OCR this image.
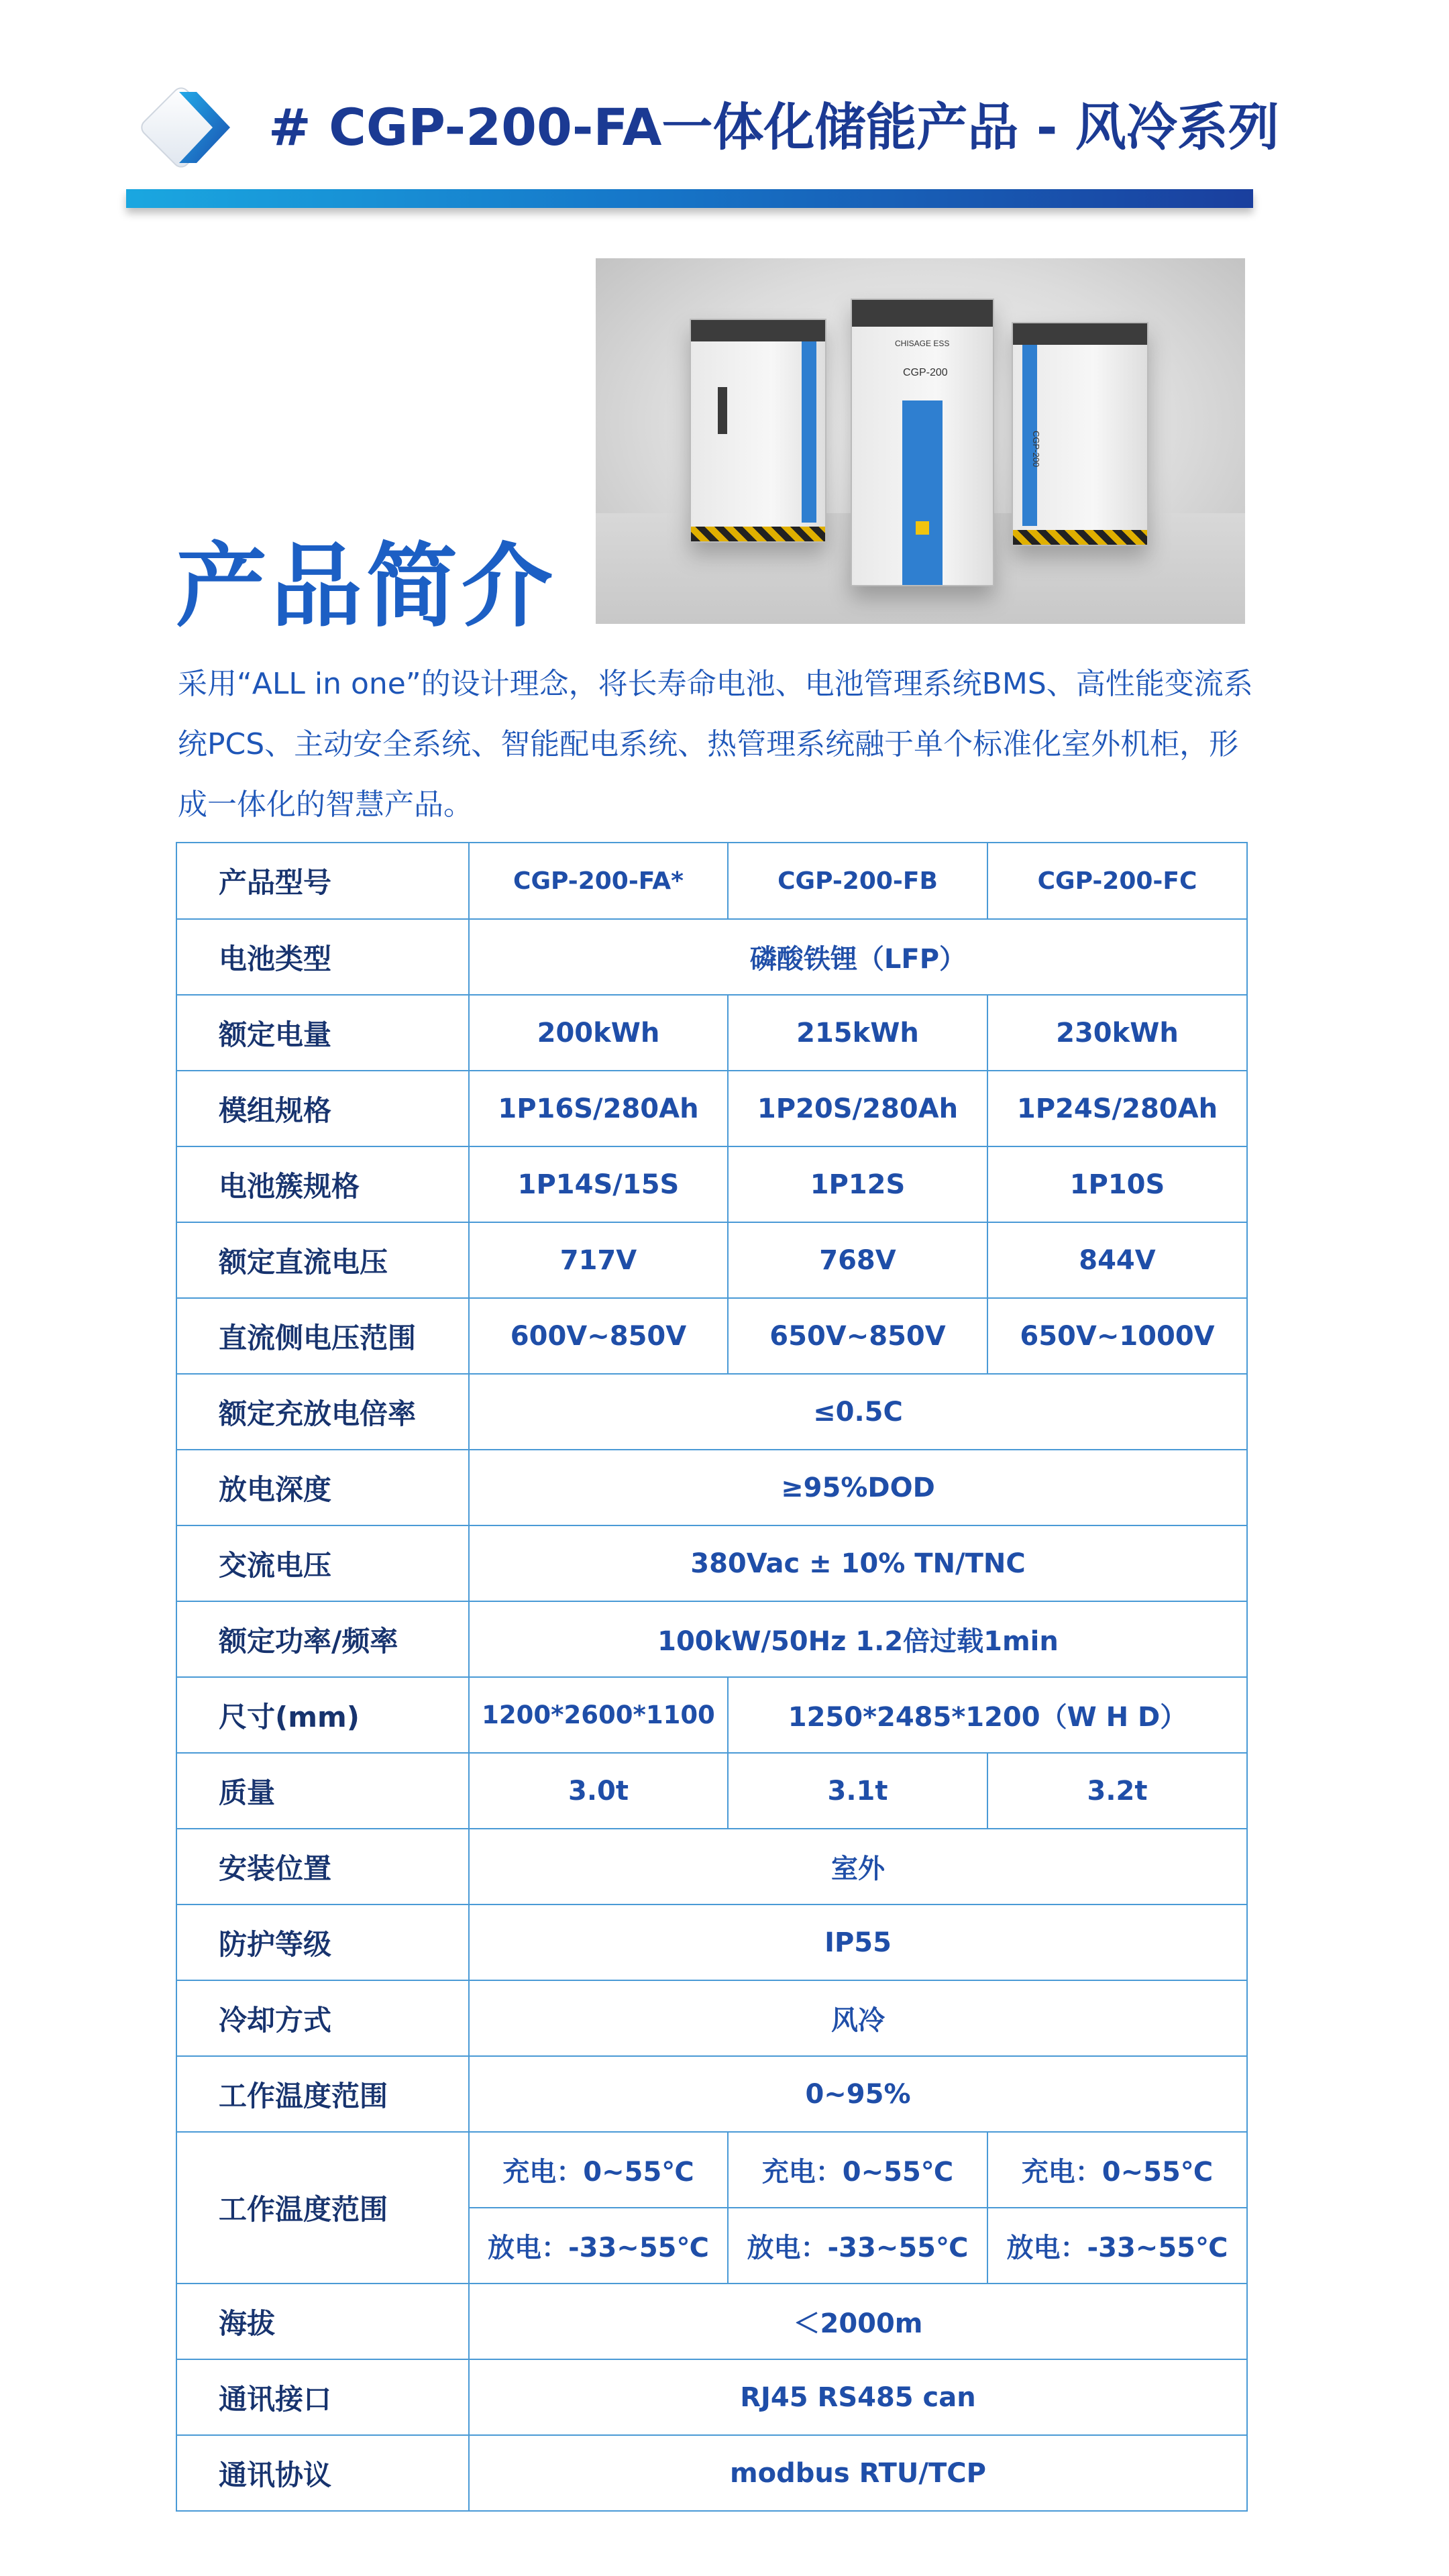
# CGP-200-FA一体化储能产品 - 风冷系列
CHISAGE ESS
CGP-200
CGP-200
产品简介
采用“ALL in one”的设计理念，将长寿命电池、电池管理系统BMS、高性能变流系统PCS、主动安全系统、智能配电系统、热管理系统融于单个标准化室外机柜，形成一体化的智慧产品。
产品型号	CGP-200-FA*	CGP-200-FB	CGP-200-FC
电池类型	磷酸铁锂（LFP）		
额定电量	200kWh	215kWh	230kWh
模组规格	1P16S/280Ah	1P20S/280Ah	1P24S/280Ah
电池簇规格	1P14S/15S	1P12S	1P10S
额定直流电压	717V	768V	844V
直流侧电压范围	600V~850V	650V~850V	650V~1000V
额定充放电倍率	≤0.5C		
放电深度	≥95%DOD		
交流电压	380Vac ± 10% TN/TNC		
额定功率/频率	100kW/50Hz 1.2倍过载1min		
尺寸(mm)	1200*2600*1100	1250*2485*1200（W H D）	
质量	3.0t	3.1t	3.2t
安装位置	室外		
防护等级	IP55		
冷却方式	风冷		
工作温度范围	0~95%		
工作温度范围	充电：0~55℃	充电：0~55℃	充电：0~55℃
	放电：-33~55℃	放电：-33~55℃	放电：-33~55℃
海拔	＜2000m		
通讯接口	RJ45 RS485 can		
通讯协议	modbus RTU/TCP		
